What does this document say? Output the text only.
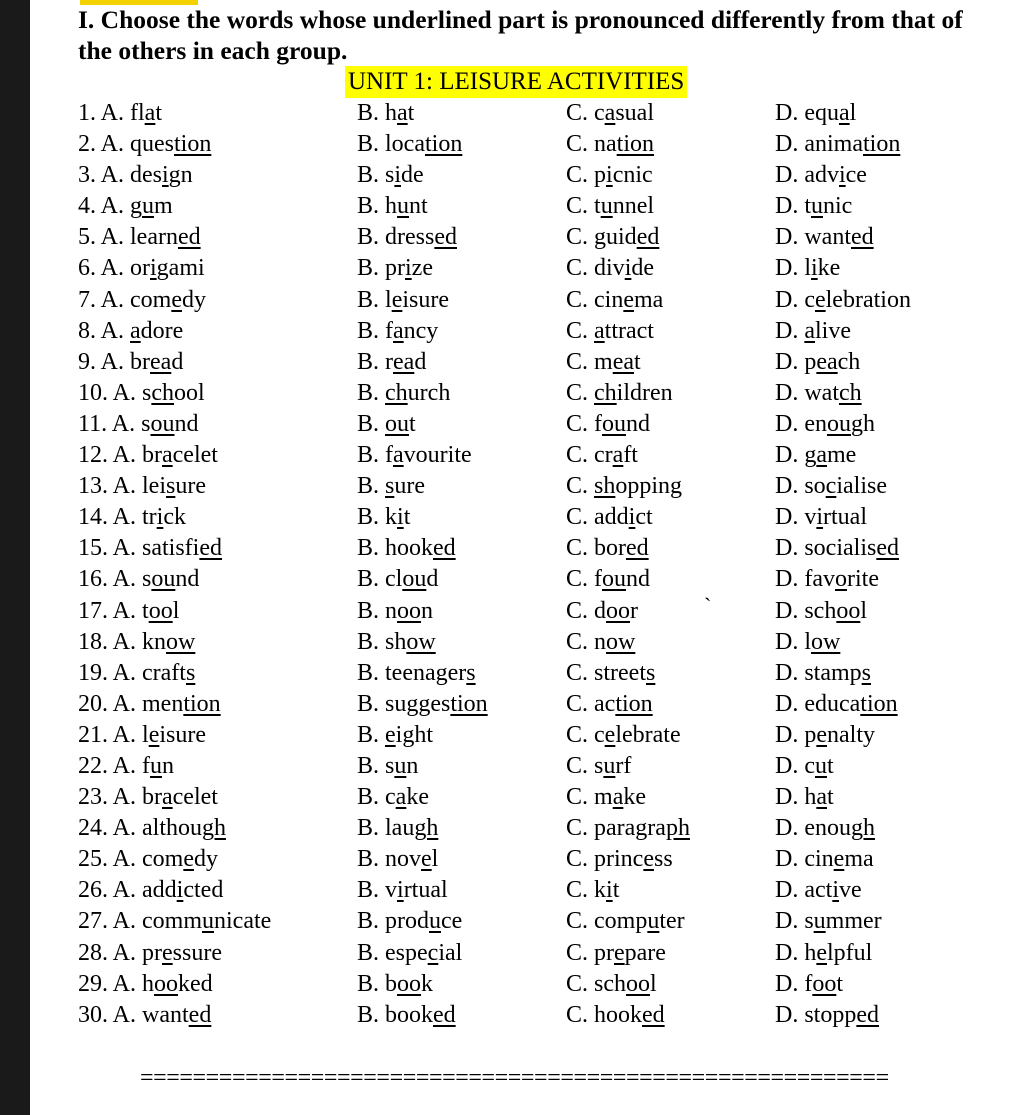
I. Choose the words whose underlined part is pronounced differently from that of the others in each group.
UNIT 1: LEISURE ACTIVITIES
1. A. flat	B. hat	C. casual	D. equal
2. A. question	B. location	C. nation	D. animation
3. A. design	B. side	C. picnic	D. advice
4. A. gum	B. hunt	C. tunnel	D. tunic
5. A. learned	B. dressed	C. guided	D. wanted
6. A. origami	B. prize	C. divide	D. like
7. A. comedy	B. leisure	C. cinema	D. celebration
8. A. adore	B. fancy	C. attract	D. alive
9. A. bread	B. read	C. meat	D. peach
10. A. school	B. church	C. children	D. watch
11. A. sound	B. out	C. found	D. enough
12. A. bracelet	B. favourite	C. craft	D. game
13. A. leisure	B. sure	C. shopping	D. socialise
14. A. trick	B. kit	C. addict	D. virtual
15. A. satisfied	B. hooked	C. bored	D. socialised
16. A. sound	B. cloud	C. found	D. favorite
17. A. tool	B. noon	C. door	D. school
18. A. know	B. show	C. now	D. low
19. A. crafts	B. teenagers	C. streets	D. stamps
20. A. mention	B. suggestion	C. action	D. education
21. A. leisure	B. eight	C. celebrate	D. penalty
22. A. fun	B. sun	C. surf	D. cut
23. A. bracelet	B. cake	C. make	D. hat
24. A. although	B. laugh	C. paragraph	D. enough
25. A. comedy	B. novel	C. princess	D. cinema
26. A. addicted	B. virtual	C. kit	D. active
27. A. communicate	B. produce	C. computer	D. summer
28. A. pressure	B. especial	C. prepare	D. helpful
29. A. hooked	B. book	C. school	D. foot
30. A. wanted	B. booked	C. hooked	D. stopped
`
=========================================================
